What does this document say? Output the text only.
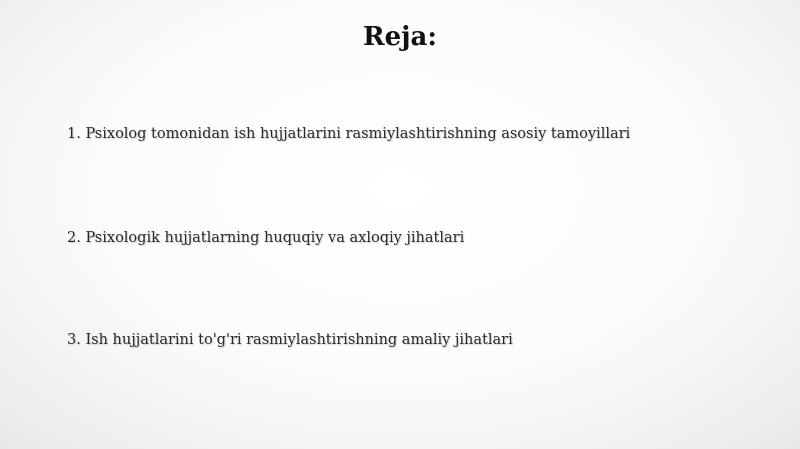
Reja:
1. Psixolog tomonidan ish hujjatlarini rasmiylashtirishning asosiy tamoyillari
2. Psixologik hujjatlarning huquqiy va axloqiy jihatlari
3. Ish hujjatlarini to'g'ri rasmiylashtirishning amaliy jihatlari
